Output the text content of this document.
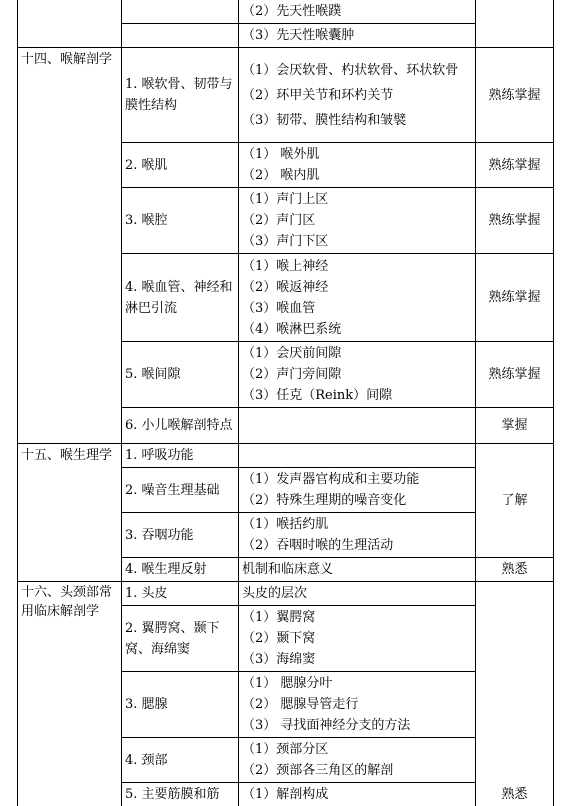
		（2）先天性喉蹼	
		（3）先天性喉囊肿	
十四、喉解剖学	1. 喉软骨、韧带与膜性结构	（1）会厌软骨、杓状软骨、环状软骨
（2）环甲关节和环杓关节
（3）韧带、膜性结构和皱襞	熟练掌握
	2. 喉肌	（1） 喉外肌
（2） 喉内肌	熟练掌握
	3. 喉腔	（1）声门上区
（2）声门区
（3）声门下区	熟练掌握
	4. 喉血管、神经和淋巴引流	（1）喉上神经
（2）喉返神经
（3）喉血管
（4）喉淋巴系统	熟练掌握
	5. 喉间隙	（1）会厌前间隙
（2）声门旁间隙
（3）任克（Reink）间隙	熟练掌握
	6. 小儿喉解剖特点		掌握
十五、喉生理学	1. 呼吸功能		了解
	2. 噪音生理基础	（1）发声器官构成和主要功能
（2）特殊生理期的噪音变化	

	3. 吞咽功能	（1）喉括约肌
（2）吞咽时喉的生理活动	

	4. 喉生理反射	机制和临床意义	熟悉
十六、头颈部常用临床解剖学	1. 头皮	头皮的层次	熟悉

	2. 翼腭窝、颞下窝、海绵窦	（1）翼腭窝
（2）颞下窝
（3）海绵窦	

	3. 腮腺	（1） 腮腺分叶
（2） 腮腺导管走行
（3） 寻找面神经分支的方法	

	4. 颈部	（1）颈部分区
（2）颈部各三角区的解剖	

	5. 主要筋膜和筋	（1）解剖构成	
